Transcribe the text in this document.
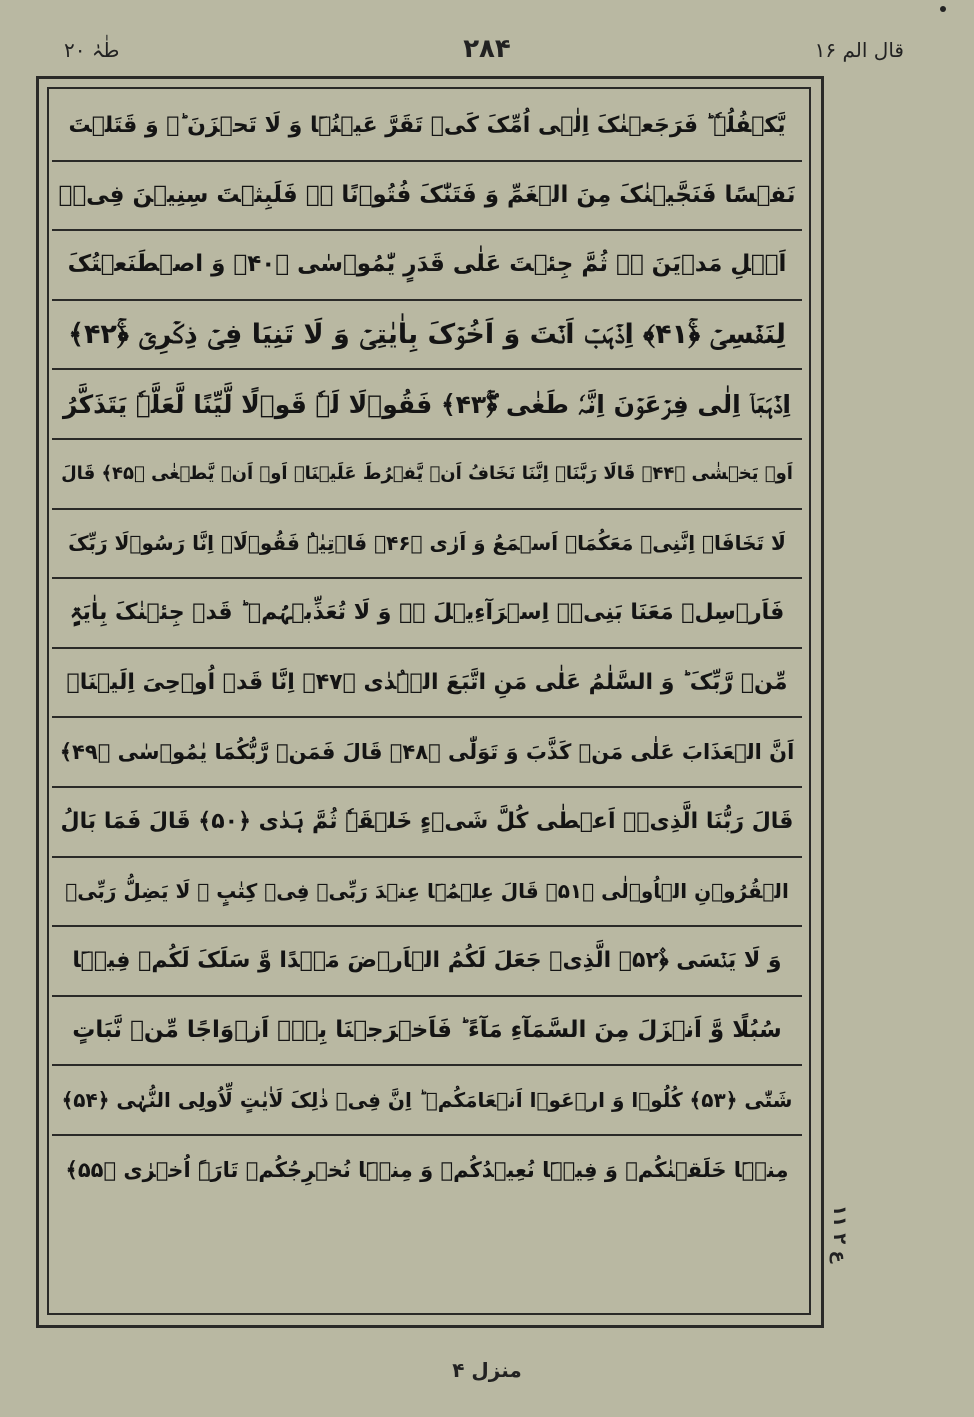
طٰہٰ ۲۰	۲۸۴	قال الم ۱۶
یَّکۡفُلُہٗ ؕ فَرَجَعۡنٰکَ اِلٰۤی اُمِّکَ کَیۡ تَقَرَّ عَیۡنُہَا وَ لَا تَحۡزَنَ ؕ۬ وَ قَتَلۡتَ
نَفۡسًا فَنَجَّیۡنٰکَ مِنَ الۡغَمِّ وَ فَتَنّٰکَ فُتُوۡنًا ۟ۚ فَلَبِثۡتَ سِنِیۡنَ فِیۡۤ
اَہۡلِ مَدۡیَنَ ۬ۙ ثُمَّ جِئۡتَ عَلٰی قَدَرٍ یّٰمُوۡسٰی ﴿۴۰﴾ وَ اصۡطَنَعۡتُکَ
لِنَفۡسِیۡ ﴿ۚ۴۱﴾ اِذۡہَبۡ اَنۡتَ وَ اَخُوۡکَ بِاٰیٰتِیۡ وَ لَا تَنِیَا فِیۡ ذِکۡرِیۡ ﴿ۚ۴۲﴾
اِذۡہَبَاۤ اِلٰی فِرۡعَوۡنَ اِنَّہٗ طَغٰی ﴿ۚۖ۴۳﴾ فَقُوۡلَا لَہٗ قَوۡلًا لَّیِّنًا لَّعَلَّہٗ یَتَذَکَّرُ
اَوۡ یَخۡشٰی ﴿۴۴﴾ قَالَا رَبَّنَاۤ اِنَّنَا نَخَافُ اَنۡ یَّفۡرُطَ عَلَیۡنَاۤ اَوۡ اَنۡ یَّطۡغٰی ﴿۴۵﴾ قَالَ
لَا تَخَافَاۤ اِنَّنِیۡ مَعَکُمَاۤ اَسۡمَعُ وَ اَرٰی ﴿۴۶﴾ فَاۡتِیٰہُ فَقُوۡلَاۤ اِنَّا رَسُوۡلَا رَبِّکَ
فَاَرۡسِلۡ مَعَنَا بَنِیۡۤ اِسۡرَآءِیۡلَ ۬ۙ وَ لَا تُعَذِّبۡہُمۡ ؕ قَدۡ جِئۡنٰکَ بِاٰیَۃٍ
مِّنۡ رَّبِّکَ ؕ وَ السَّلٰمُ عَلٰی مَنِ اتَّبَعَ الۡہُدٰی ﴿۴۷﴾ اِنَّا قَدۡ اُوۡحِیَ اِلَیۡنَاۤ
اَنَّ الۡعَذَابَ عَلٰی مَنۡ کَذَّبَ وَ تَوَلّٰی ﴿۴۸﴾ قَالَ فَمَنۡ رَّبُّکُمَا یٰمُوۡسٰی ﴿۴۹﴾
قَالَ رَبُّنَا الَّذِیۡۤ اَعۡطٰی کُلَّ شَیۡءٍ خَلۡقَہٗ ثُمَّ ہَدٰی ﴿۵۰﴾ قَالَ فَمَا بَالُ
الۡقُرُوۡنِ الۡاُوۡلٰی ﴿۵۱﴾ قَالَ عِلۡمُہَا عِنۡدَ رَبِّیۡ فِیۡ کِتٰبٍ ۚ لَا یَضِلُّ رَبِّیۡ
وَ لَا یَنۡسَی ﴿۫۵۲﴾ الَّذِیۡ جَعَلَ لَکُمُ الۡاَرۡضَ مَہۡدًا وَّ سَلَکَ لَکُمۡ فِیۡہَا
سُبُلًا وَّ اَنۡزَلَ مِنَ السَّمَآءِ مَآءً ؕ فَاَخۡرَجۡنَا بِہٖۤ اَزۡوَاجًا مِّنۡ نَّبَاتٍ
شَتّٰی ﴿۵۳﴾ کُلُوۡا وَ ارۡعَوۡا اَنۡعَامَکُمۡ ؕ اِنَّ فِیۡ ذٰلِکَ لَاٰیٰتٍ لِّاُولِی النُّہٰی ﴿۵۴﴾
مِنۡہَا خَلَقۡنٰکُمۡ وَ فِیۡہَا نُعِیۡدُکُمۡ وَ مِنۡہَا نُخۡرِجُکُمۡ تَارَۃً اُخۡرٰی ﴿۵۵﴾
ع ۲ ۱۱
منزل ۴
